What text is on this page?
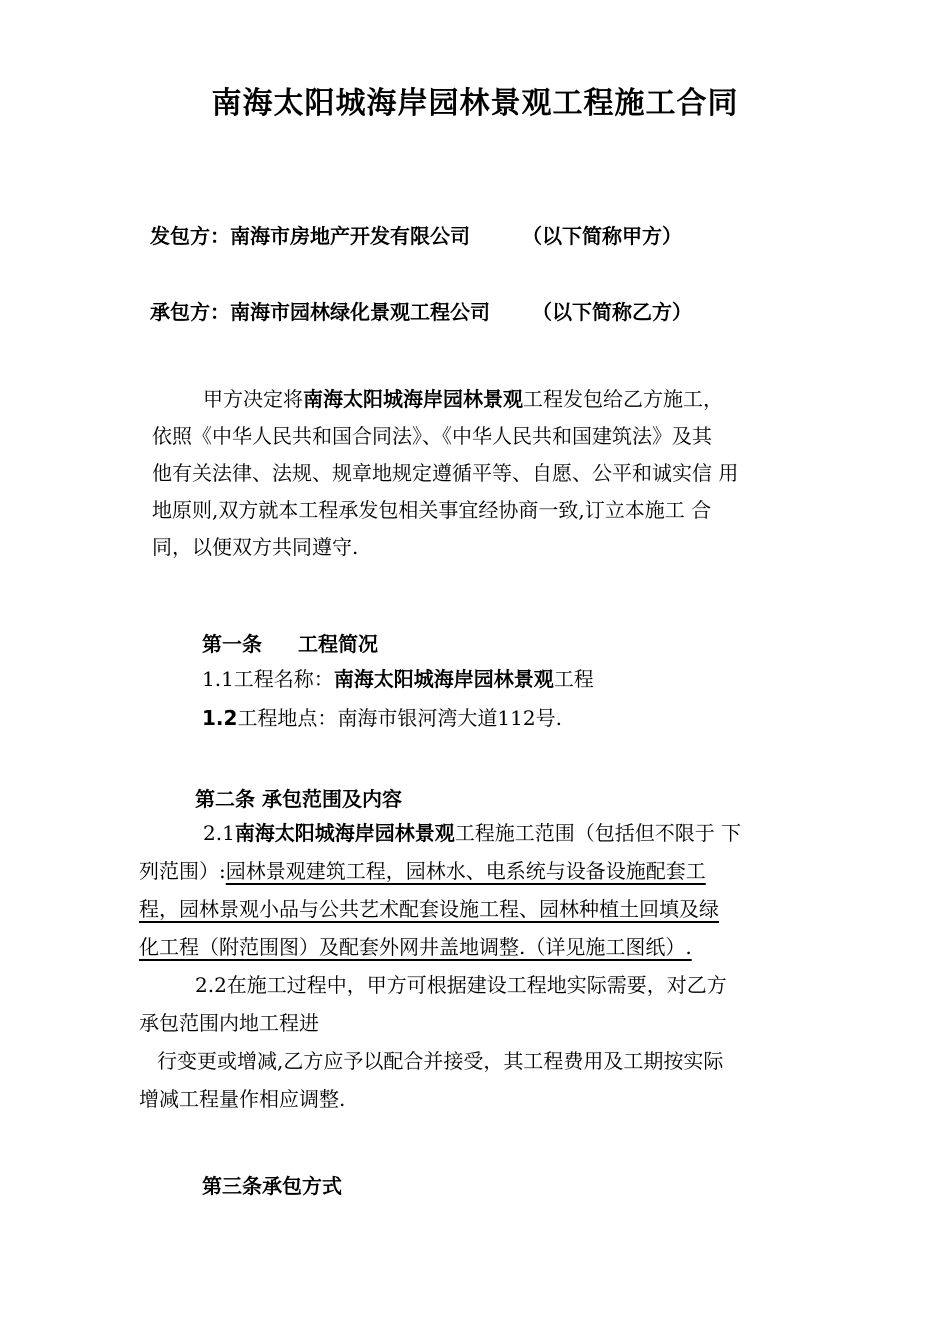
南海太阳城海岸园林景观工程施工合同
发包方：南海市房地产开发有限公司	（以下简称甲方）
承包方：南海市园林绿化景观工程公司 （以下简称乙方）
甲方决定将南海太阳城海岸园林景观工程发包给乙方施工，
依照《中华人民共和国合同法》、《中华人民共和国建筑法》及其
他有关法律、法规、规章地规定遵循平等、自愿、公平和诚实信 用
地原则,双方就本工程承发包相关事宜经协商一致,订立本施工 合
同，以便双方共同遵守.
第一条 工程简况
1.1工程名称：南海太阳城海岸园林景观工程
1.2工程地点：南海市银河湾大道112号.
第二条 承包范围及内容
2.1南海太阳城海岸园林景观工程施工范围（包括但不限于 下
列范围）:园林景观建筑工程，园林水、电系统与设备设施配套工
程，园林景观小品与公共艺术配套设施工程、园林种植土回填及绿
化工程（附范围图）及配套外网井盖地调整.（详见施工图纸）.
2.2在施工过程中，甲方可根据建设工程地实际需要，对乙方
承包范围内地工程进
行变更或增减,乙方应予以配合并接受，其工程费用及工期按实际
增减工程量作相应调整.
第三条承包方式
